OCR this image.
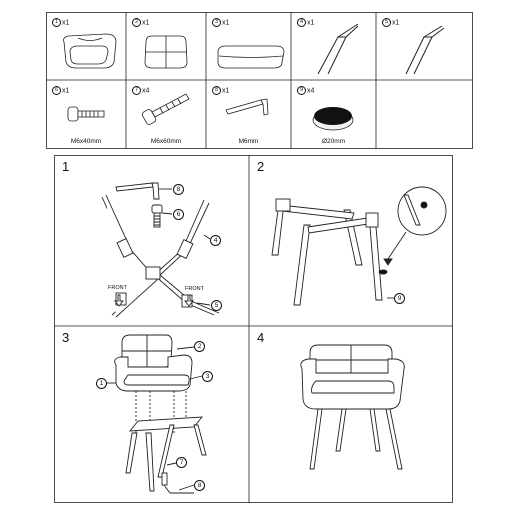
1 x1	2 x1	3 x1	4 x1	5 x1
6 x1	7 x4	8 x1	9 x4
M6x40mm	M6x60mm	M6mm	Ø20mm
1	2
3	4
8
6
4
5
FRONT	FRONT
9
2
1
3
7
8
